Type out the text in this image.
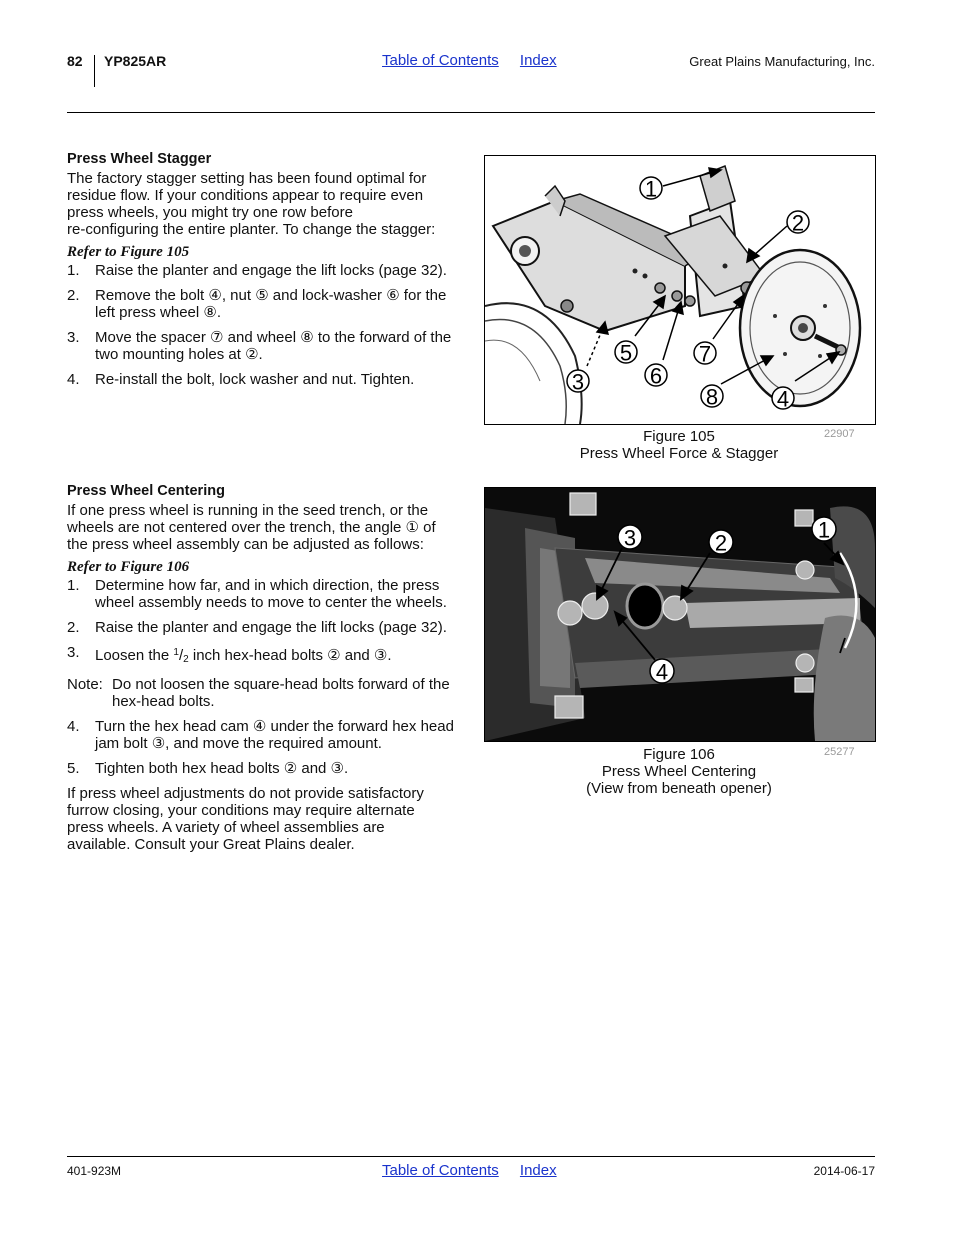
82 YP825AR	Table of Contents Index	Great Plains Manufacturing, Inc.
Press Wheel Stagger
The factory stagger setting has been found optimal for
residue flow. If your conditions appear to require even
press wheels, you might try one row before
re-configuring the entire planter. To change the stagger:
Refer to Figure 105
1. Raise the planter and engage the lift locks (page 32).
2. Remove the bolt ④, nut ⑤ and lock-washer ⑥ for the left press wheel ⑧.
3. Move the spacer ⑦ and wheel ⑧ to the forward of the two mounting holes at ②.
4. Re-install the bolt, lock washer and nut. Tighten.
1
2
3
4
5
6
7
8
Figure 105
Press Wheel Force & Stagger
22907
Press Wheel Centering
If one press wheel is running in the seed trench, or the
wheels are not centered over the trench, the angle ① of
the press wheel assembly can be adjusted as follows:
Refer to Figure 106
1. Determine how far, and in which direction, the press wheel assembly needs to move to center the wheels.
2. Raise the planter and engage the lift locks (page 32).
3. Loosen the $^1/_2$ inch hex-head bolts ② and ③.
Note: Do not loosen the square-head bolts forward of the hex-head bolts.
4. Turn the hex head cam ④ under the forward hex head jam bolt ③, and move the required amount.
5. Tighten both hex head bolts ② and ③.
If press wheel adjustments do not provide satisfactory
furrow closing, your conditions may require alternate
press wheels. A variety of wheel assemblies are
available. Consult your Great Plains dealer.
3	2
1
4
Figure 106
Press Wheel Centering
(View from beneath opener)
25277
401-923M	Table of Contents Index	2014-06-17
